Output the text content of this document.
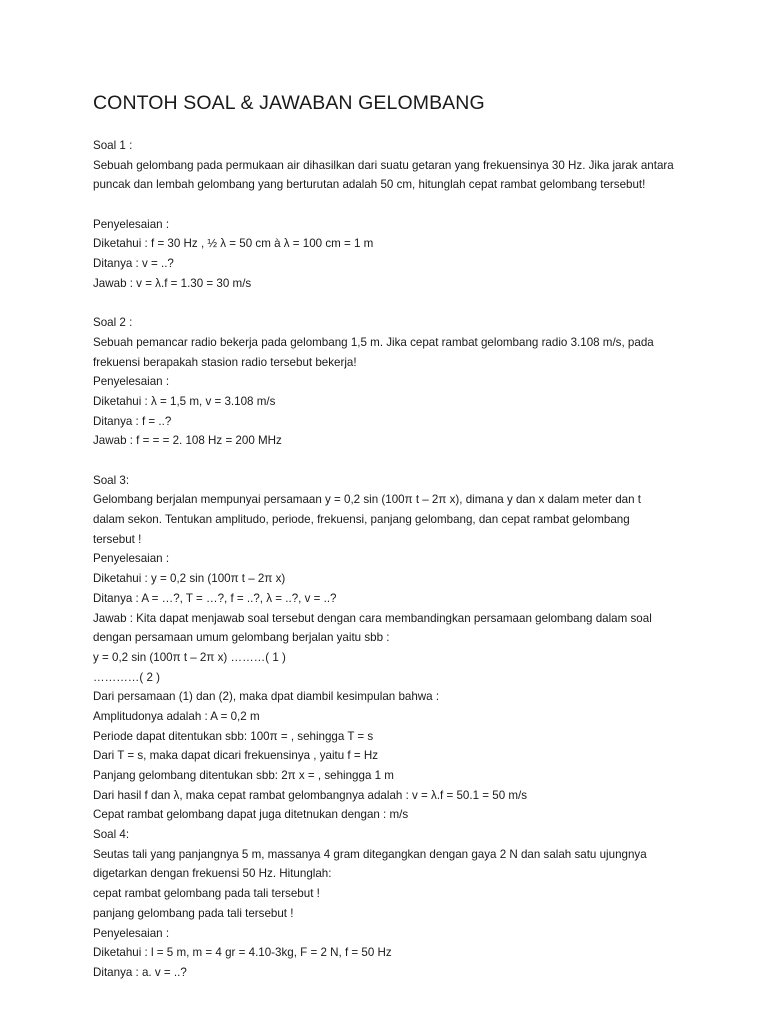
CONTOH SOAL & JAWABAN GELOMBANG
Soal 1 :
Sebuah gelombang pada permukaan air dihasilkan dari suatu getaran yang frekuensinya 30 Hz. Jika jarak antara
puncak dan lembah gelombang yang berturutan adalah 50 cm, hitunglah cepat rambat gelombang tersebut!
Penyelesaian :
Diketahui : f = 30 Hz , ½ λ = 50 cm à λ = 100 cm = 1 m
Ditanya : v = ..?
Jawab : v = λ.f = 1.30 = 30 m/s
Soal 2 :
Sebuah pemancar radio bekerja pada gelombang 1,5 m. Jika cepat rambat gelombang radio 3.108 m/s, pada
frekuensi berapakah stasion radio tersebut bekerja!
Penyelesaian :
Diketahui : λ = 1,5 m, v = 3.108 m/s
Ditanya : f = ..?
Jawab : f = = = 2. 108 Hz = 200 MHz
Soal 3:
Gelombang berjalan mempunyai persamaan y = 0,2 sin (100π t – 2π x), dimana y dan x dalam meter dan t
dalam sekon. Tentukan amplitudo, periode, frekuensi, panjang gelombang, dan cepat rambat gelombang
tersebut !
Penyelesaian :
Diketahui : y = 0,2 sin (100π t – 2π x)
Ditanya : A = …?, T = …?, f = ..?, λ = ..?, v = ..?
Jawab : Kita dapat menjawab soal tersebut dengan cara membandingkan persamaan gelombang dalam soal
dengan persamaan umum gelombang berjalan yaitu sbb :
y = 0,2 sin (100π t – 2π x) ………( 1 )
…………( 2 )
Dari persamaan (1) dan (2), maka dpat diambil kesimpulan bahwa :
Amplitudonya adalah : A = 0,2 m
Periode dapat ditentukan sbb: 100π = , sehingga T = s
Dari T = s, maka dapat dicari frekuensinya , yaitu f = Hz
Panjang gelombang ditentukan sbb: 2π x = , sehingga 1 m
Dari hasil f dan λ, maka cepat rambat gelombangnya adalah : v = λ.f = 50.1 = 50 m/s
Cepat rambat gelombang dapat juga ditetnukan dengan : m/s
Soal 4:
Seutas tali yang panjangnya 5 m, massanya 4 gram ditegangkan dengan gaya 2 N dan salah satu ujungnya
digetarkan dengan frekuensi 50 Hz. Hitunglah:
cepat rambat gelombang pada tali tersebut !
panjang gelombang pada tali tersebut !
Penyelesaian :
Diketahui : l = 5 m, m = 4 gr = 4.10-3kg, F = 2 N, f = 50 Hz
Ditanya : a. v = ..?
